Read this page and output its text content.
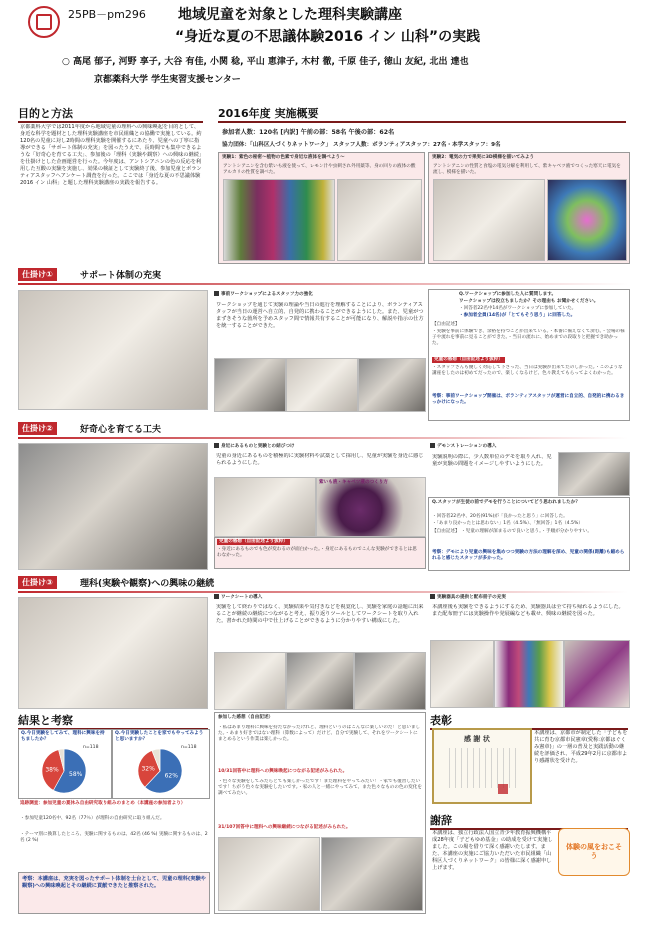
25PB－pm296 地域児童を対象とした理科実験講座
“身近な夏の不思議体験2016 イン 山科”の実践
○ 高尾 郁子, 河野 享子, 大谷 有佳, 小関 稔, 平山 恵津子, 木村 徹, 千原 佳子, 徳山 友紀, 北出 達也
京都薬科大学 学生実習支援センター
目的と方法
京都薬科大学では2011年度から地域児童の理科への興味喚起を目的として、身近な科学を題材とした理科実験講座を市民組織との協働で実施している。約120名の児童に対し2時間の理科実験を開催するにあたり、児童への丁寧に指導ができる「サポート体制の充実」を図ったうえで、長時間でも集中できるような「好奇心を育てる工夫」、参加後の「理科（実験や観察）への興味の継続」を仕掛けとした企画運営を行った。今年度は、アントシアニンの色の反応を利用した互酸の実験を実施し、効果の検証として実験終了後、参加児童とボランティアスタッフへアンケート調査を行った。ここでは「身近な夏の不思議体験2016 イン 山科」と題した理科実験講座の実践を報告する。
2016年度 実施概要
参加者人数：120名 [内訳] 午前の部：58名 午後の部：62名
協力団体：「山科区人づくりネットワーク」 スタッフ人数：ボランティアスタッフ：27名・本学スタッフ：9名
実験1：紫色の秘密〜植物の色素で身近な液体を調べよう〜
アントシアニンを含む紫いも液を使って、レモン汁や虫刺され外用薬等、身の回りの液体の酸アルカリの性質を調べた。
実験2：電気の力で果実に3D模様を描いてみよう
アントシアニンの性質と食塩の電気分解を利用して、紫キャベツ液でつくった寒天に電気を流し、模様を描いた。
仕掛け①	サポート体制の充実
事前ワークショップによるスタッフ力の強化
ワークショップを通じて実験の理論や当日の進行を理解することにより、ボランティアスタッフが当日の運営へ自立的、自発的に携わることができるようにした。また、児童がつまずきそうな箇所を予めスタッフ間で情報共有することが可能になり、解説や指示の仕方を統一することができた。
Q.ワークショップに参加した人に質問します。
ワークショップは役立ちましたか？その理由も お聞かせください。
・回答者22名中14名がワークショップに参加していた。
・参加者全員(14名)が「とてもそう思う」に回答した。
【自由記述】
・実験を事前に体験でき、余裕を持つことが出来ている。・本番に備えなくて済む。・会場の様子や流れを事前に見ることができた。・当日の流れに、始めまでの段取りと把握でき助かった。
児童の感想（自由記述より抜粋）
・スタッフさんも優しく対応して下さった、当日は実験が出来てたのしかった。・このような講座をしたのは初めてだったので、楽しくなるけど、色々教えてもらってよくわかった。
考察：事前ワークショップ開催は、ボランティアスタッフが運営に自立的、自発的に携わるきっかけになった。
仕掛け②	好奇心を育てる工夫
身近にあるものと実験との結びつけ
児童の身近にあるものを積極的に実験材料や試薬として採用し、児童が実験を身近に感じられるようにした。
紫いも液・キャベツ液のつくり方
児童の感想（自由記述より抜粋）
・身近にあるものでも色が変わるのが面白かった。・身近にあるものでこんな実験ができるとは思わなかった。
デモンストレーションの導入
実験説明の際に、少人数単位のデモを取り入れ、児童が実験の問題をイメージしやすいようにした。
Q.スタッフが生徒の前でデモを行うことについてどう思われましたか？
・回答者22名中、20名(91%)が「良かったと思う」に回答した。
・「あまり良かったとは思わない」1名（4.5%）、「無回答」1名（4.5%）
【自由記述】 ・児童の理解が深まるので良いと思う。・手順が分かりやすい。
考察：デモにより児童の興味を集めつつ実験の方法の理解を深め、児童の関係(距離)も縮められると感じたスタッフが多かった。
仕掛け③	理科(実験や観察)への興味の継続
ワークシートの導入
実験をして終わりではなく、実験結果や気付きなどを視覚化し、実験を家庭の話題に出来ることが継続の継続につながると考え、振り返りツールとしてワークシートを取り入れた。書かれた時間の中で仕上げることができるように分かりやすい構成にした。
実験器具の提供と配布冊子の充実
本講座後も実験をできるようにするため、実験器具は全て持ち帰れるようにした。また配布冊子には実験操作や発展編なども載せ、興味の継続を図った。
結果と考察
Q.今日実験をしてみて、理科に興味を持ちましたか？
n=118
58%
38%
Q.今日実験したことを家でもやってみようと思いますか？
n=118
62%
32%
追跡調査：参加児童の夏休み自由研究取り組みのまとめ（本講座の参加者より）
・参加児童120名中、92名（77％）が理科の自由研究に取り組んだ。
・テーマ別に換算したところ、実験に関するものは、42名 (46 %) 実験に関するものは、2名 (2 %)
考察：本講座は、充実を図ったサポート体制を土台として、児童の理科(実験や観察)への興味喚起とその継続に貢献できたと推察された。
参加した感想（自由記述）
・私はあまり理科に興味を持たなかったけれど、理科というのはこんなに楽しいのだ！と思いました。・あまり好きではない理科（算数によって）だけど、自分で実験して、それをワークシートにまとめるという作業は楽しかった。
10/31回答中に理科への興味喚起につながる記述がみられた。
・色々な実験をしてみたらとても楽しかったです！また理科をやってみたい！・家でも復習したいです！ちがう色々な実験をしたいです。・家の人と一緒にやってみて、また色々なものの色の変化を調べてみたい。
31/107回答中に理科への興味継続につながる記述がみられた。
表彰
感 謝 状
本講座は、京都市が制定した「子どもを共に育む京都市民憲章(愛称:京都はぐくみ憲章)」の一層の普及と実践活動の継続を評価され、平成29年2月に京都市より感謝状を受けた。
謝辞
本講座は、独立行政法人国立青少年教育振興機構平成28年度「子どもゆめ基金」の助成を受けて実施しました。この場を借りて深く感謝いたします。また、本講座の実施にご協力いただいた市民組織「山科区人づくりネットワーク」の皆様に深く感謝申し上げます。
体験の風をおこそう
